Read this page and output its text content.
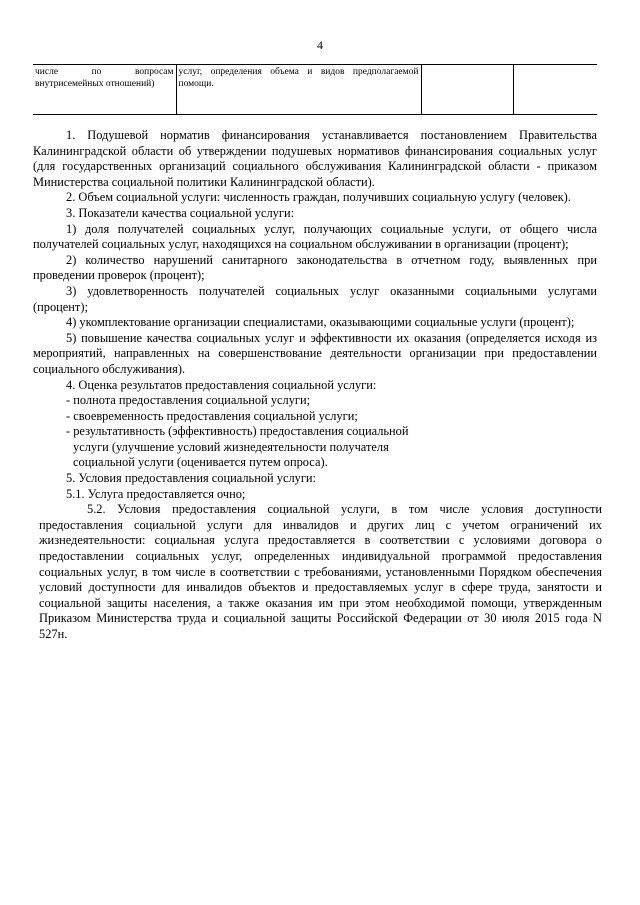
4
числе по вопросам внутрисемейных отношений)	услуг, определения объема и видов предполагаемой помощи.		

1. Подушевой норматив финансирования устанавливается постановлением Правительства Калининградской области об утверждении подушевых нормативов финансирования социальных услуг (для государственных организаций социального обслуживания Калининградской области - приказом Министерства социальной политики Калининградской области).

2. Объем социальной услуги: численность граждан, получивших социальную услугу (человек).

3. Показатели качества социальной услуги:

1) доля получателей социальных услуг, получающих социальные услуги, от общего числа получателей социальных услуг, находящихся на социальном обслуживании в организации (процент);

2) количество нарушений санитарного законодательства в отчетном году, выявленных при проведении проверок (процент);

3) удовлетворенность получателей социальных услуг оказанными социальными услугами (процент);

4) укомплектование организации специалистами, оказывающими социальные услуги (процент);

5) повышение качества социальных услуг и эффективности их оказания (определяется исходя из мероприятий, направленных на совершенствование деятельности организации при предоставлении социального обслуживания).

4. Оценка результатов предоставления социальной услуги:

- полнота предоставления социальной услуги;

- своевременность предоставления социальной услуги;

- результативность (эффективность) предоставления социальной

услуги (улучшение условий жизнедеятельности получателя

социальной услуги (оценивается путем опроса).

5. Условия предоставления социальной услуги:

5.1. Услуга предоставляется очно;

5.2. Условия предоставления социальной услуги, в том числе условия доступности предоставления социальной услуги для инвалидов и других лиц с учетом ограничений их жизнедеятельности: социальная услуга предоставляется в соответствии с условиями договора о предоставлении социальных услуг, определенных индивидуальной программой предоставления социальных услуг, в том числе в соответствии с требованиями, установленными Порядком обеспечения условий доступности для инвалидов объектов и предоставляемых услуг в сфере труда, занятости и социальной защиты населения, а также оказания им при этом необходимой помощи, утвержденным Приказом Министерства труда и социальной защиты Российской Федерации от 30 июля 2015 года N 527н.
